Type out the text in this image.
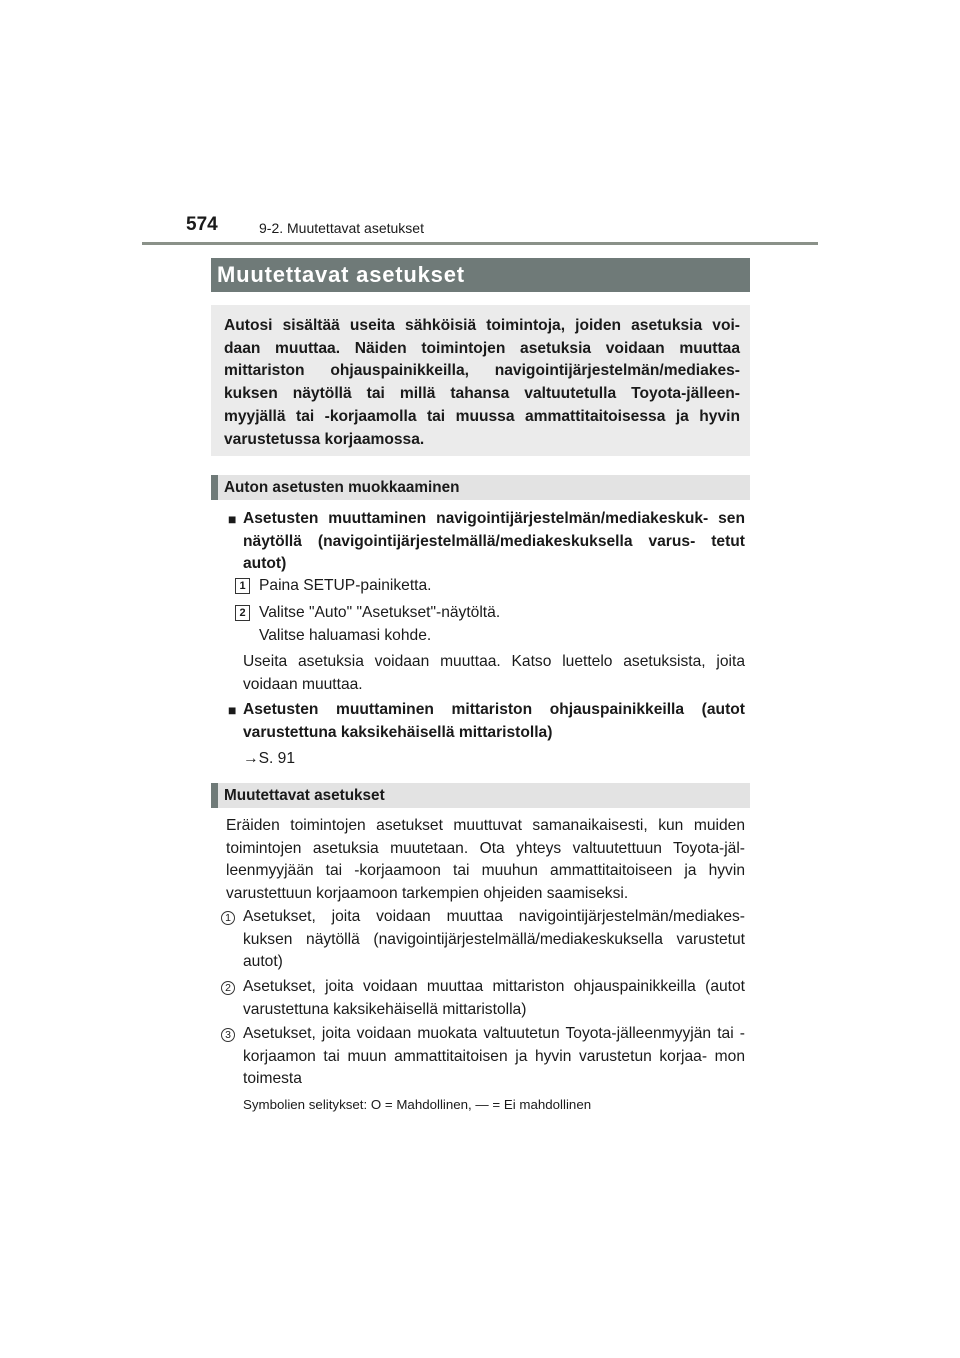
574	9-2. Muutettavat asetukset
Muutettavat asetukset
Autosi sisältää useita sähköisiä toimintoja, joiden asetuksia voi- daan muuttaa. Näiden toimintojen asetuksia voidaan muuttaa mittariston ohjauspainikkeilla, navigointijärjestelmän/mediakes- kuksen näytöllä tai millä tahansa valtuutetulla Toyota-jälleen- myyjällä tai -korjaamolla tai muussa ammattitaitoisessa ja hyvin varustetussa korjaamossa.
Auton asetusten muokkaaminen
■ Asetusten muuttaminen navigointijärjestelmän/mediakeskuk- sen näytöllä (navigointijärjestelmällä/mediakeskuksella varus- tetut autot)
1 Paina SETUP-painiketta.
2 Valitse "Auto" "Asetukset"-näytöltä.
Valitse haluamasi kohde.
Useita asetuksia voidaan muuttaa. Katso luettelo asetuksista, joita voidaan muuttaa.
■ Asetusten muuttaminen mittariston ohjauspainikkeilla (autot varustettuna kaksikehäisellä mittaristolla)
→S. 91
Muutettavat asetukset
Eräiden toimintojen asetukset muuttuvat samanaikaisesti, kun muiden toimintojen asetuksia muutetaan. Ota yhteys valtuutettuun Toyota-jäl- leenmyyjään tai -korjaamoon tai muuhun ammattitaitoiseen ja hyvin varustettuun korjaamoon tarkempien ohjeiden saamiseksi.
1 Asetukset, joita voidaan muuttaa navigointijärjestelmän/mediakes- kuksen näytöllä (navigointijärjestelmällä/mediakeskuksella varustetut autot)
2 Asetukset, joita voidaan muuttaa mittariston ohjauspainikkeilla (autot varustettuna kaksikehäisellä mittaristolla)
3 Asetukset, joita voidaan muokata valtuutetun Toyota-jälleenmyyjän tai -korjaamon tai muun ammattitaitoisen ja hyvin varustetun korjaa- mon toimesta
Symbolien selitykset: O = Mahdollinen, — = Ei mahdollinen
